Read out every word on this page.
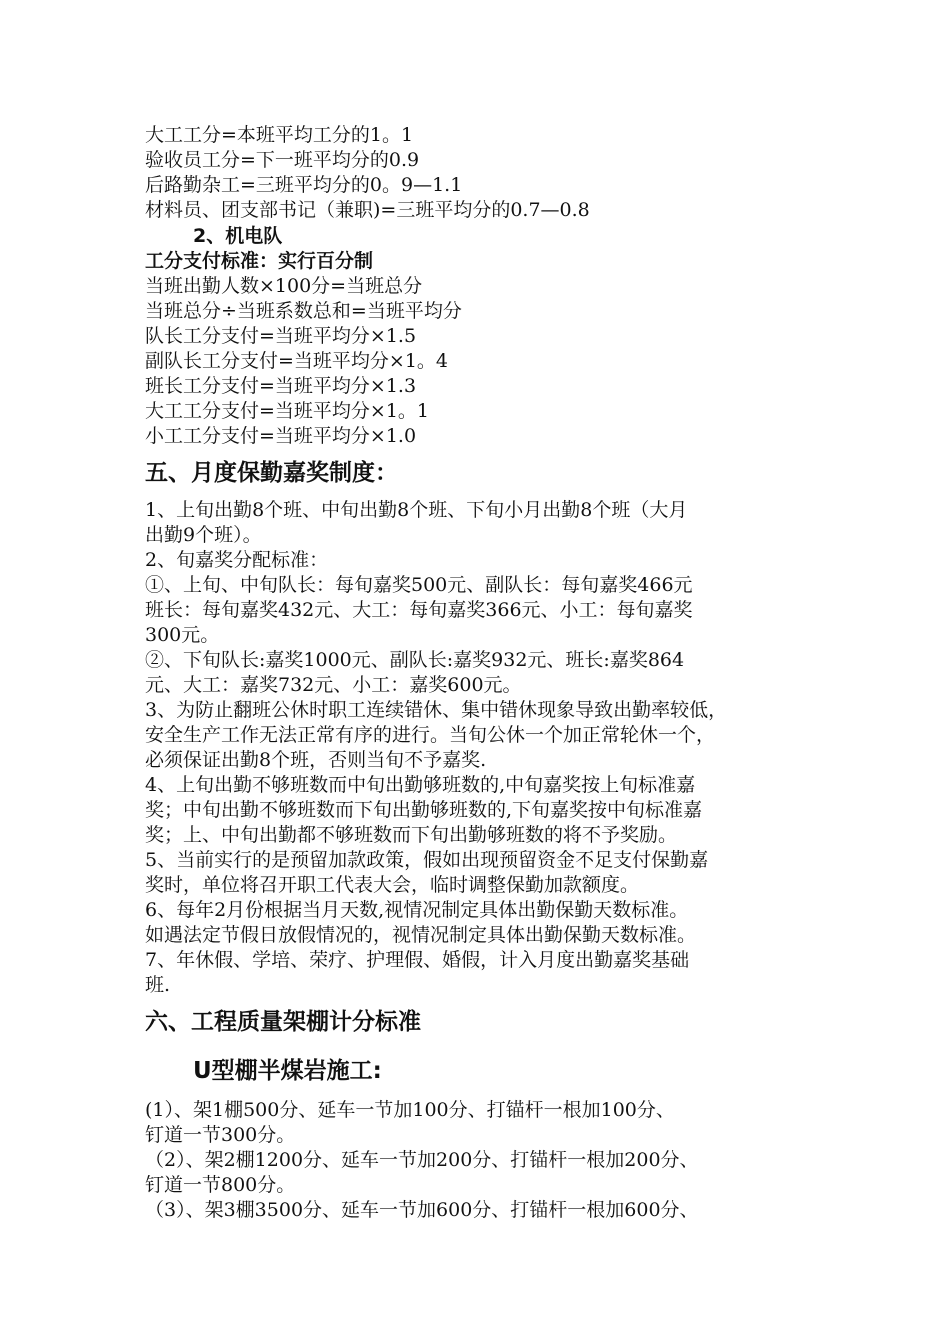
大工工分=本班平均工分的1。1
验收员工分=下一班平均分的0.9
后路勤杂工=三班平均分的0。9—1.1
材料员、团支部书记（兼职)=三班平均分的0.7—0.8
2、机电队
工分支付标准：实行百分制
当班出勤人数×100分=当班总分
当班总分÷当班系数总和=当班平均分
队长工分支付=当班平均分×1.5
副队长工分支付=当班平均分×1。4
班长工分支付=当班平均分×1.3
大工工分支付=当班平均分×1。1
小工工分支付=当班平均分×1.0
五、月度保勤嘉奖制度：
1、上旬出勤8个班、中旬出勤8个班、下旬小月出勤8个班（大月
出勤9个班）。
2、旬嘉奖分配标准：
①、上旬、中旬队长：每旬嘉奖500元、副队长：每旬嘉奖466元
班长：每旬嘉奖432元、大工：每旬嘉奖366元、小工：每旬嘉奖
300元。
②、下旬队长:嘉奖1000元、副队长:嘉奖932元、班长:嘉奖864
元、大工：嘉奖732元、小工：嘉奖600元。
3、为防止翻班公休时职工连续错休、集中错休现象导致出勤率较低，
安全生产工作无法正常有序的进行。当旬公休一个加正常轮休一个，
必须保证出勤8个班，否则当旬不予嘉奖.
4、上旬出勤不够班数而中旬出勤够班数的,中旬嘉奖按上旬标准嘉
奖；中旬出勤不够班数而下旬出勤够班数的,下旬嘉奖按中旬标准嘉
奖；上、中旬出勤都不够班数而下旬出勤够班数的将不予奖励。
5、当前实行的是预留加款政策，假如出现预留资金不足支付保勤嘉
奖时，单位将召开职工代表大会，临时调整保勤加款额度。
6、每年2月份根据当月天数,视情况制定具体出勤保勤天数标准。
如遇法定节假日放假情况的，视情况制定具体出勤保勤天数标准。
7、年休假、学培、荣疗、护理假、婚假，计入月度出勤嘉奖基础
班.
六、工程质量架棚计分标准
U型棚半煤岩施工:
(1）、架1棚500分、延车一节加100分、打锚杆一根加100分、
钉道一节300分。
（2）、架2棚1200分、延车一节加200分、打锚杆一根加200分、
钉道一节800分。
（3）、架3棚3500分、延车一节加600分、打锚杆一根加600分、
